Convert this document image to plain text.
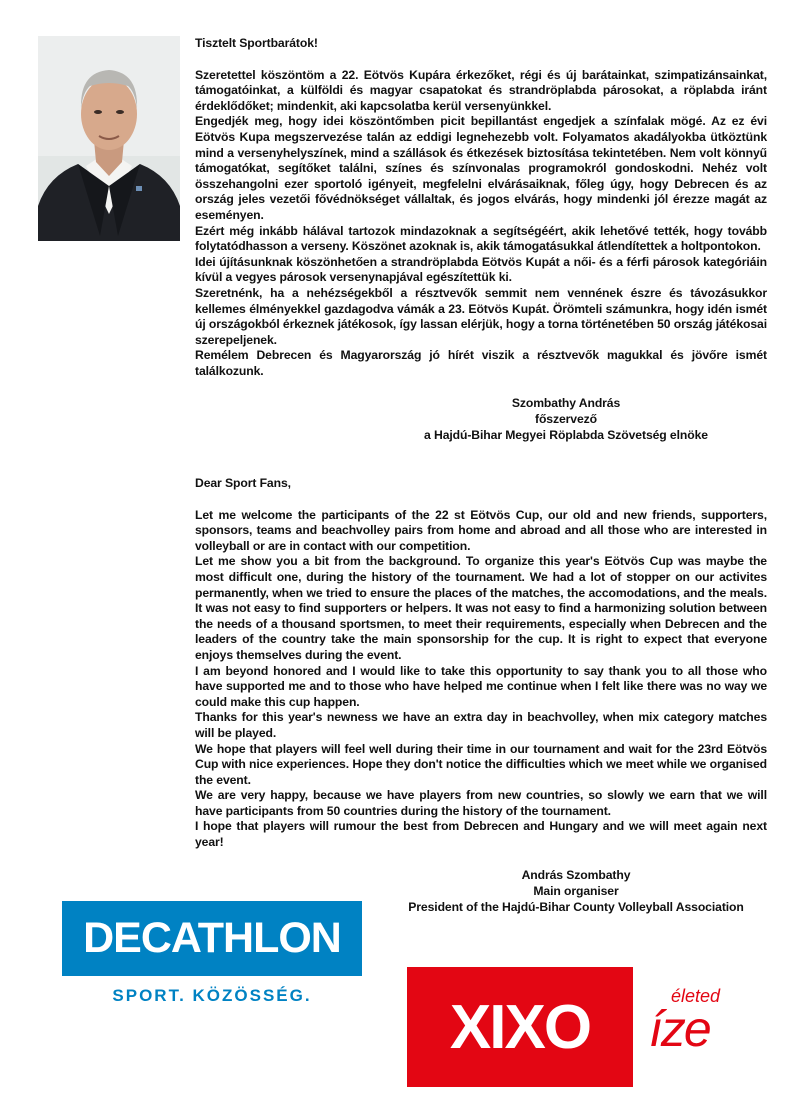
Tisztelt Sportbarátok!

Szeretettel köszöntöm a 22. Eötvös Kupára érkezőket, régi és új barátainkat, szimpatizánsainkat, támogatóinkat, a külföldi és magyar csapatokat és strandröplabda párosokat, a röplabda iránt érdeklődőket; mindenkit, aki kapcsolatba kerül versenyünkkel.

Engedjék meg, hogy idei köszöntőmben picit bepillantást engedjek a színfalak mögé. Az ez évi Eötvös Kupa megszervezése talán az eddigi legnehezebb volt. Folyamatos akadályokba ütköztünk mind a versenyhelyszínek, mind a szállások és étkezések biztosítása tekintetében. Nem volt könnyű támogatókat, segítőket találni, színes és színvonalas programokról gondoskodni. Nehéz volt összehangolni ezer sportoló igényeit, megfelelni elvárásaiknak, főleg úgy, hogy Debrecen és az ország jeles vezetői fővédnökséget vállaltak, és jogos elvárás, hogy mindenki jól érezze magát az eseményen.

Ezért még inkább hálával tartozok mindazoknak a segítségéért, akik lehetővé tették, hogy tovább folytatódhasson a verseny. Köszönet azoknak is, akik támogatásukkal átlendítettek a holtpontokon.

Idei újításunknak köszönhetően a strandröplabda Eötvös Kupát a női- és a férfi párosok kategóriáin kívül a vegyes párosok versenynapjával egészítettük ki.

Szeretnénk, ha a nehézségekből a résztvevők semmit nem vennének észre és távozásukkor kellemes élményekkel gazdagodva vámák a 23. Eötvös Kupát. Örömteli számunkra, hogy idén ismét új országokból érkeznek játékosok, így lassan elérjük, hogy a torna történetében 50 ország játékosai szerepeljenek.

Remélem Debrecen és Magyarország jó hírét viszik a résztvevők magukkal és jövőre ismét találkozunk.

Szombathy András
főszervező
a Hajdú-Bihar Megyei Röplabda Szövetség elnöke
Dear Sport Fans,

Let me welcome the participants of the 22 st Eötvös Cup, our old and new friends, supporters, sponsors, teams and beachvolley pairs from home and abroad and all those who are interested in volleyball or are in contact with our competition.

Let me show you a bit from the background. To organize this year's Eötvös Cup was maybe the most difficult one, during the history of the tournament. We had a lot of stopper on our activites permanently, when we tried to ensure the places of the matches, the accomodations, and the meals. It was not easy to find supporters or helpers. It was not easy to find a harmonizing solution between the needs of a thousand sportsmen, to meet their requirements, especially when Debrecen and the leaders of the country take the main sponsorship for the cup. It is right to expect that everyone enjoys themselves during the event.

I am beyond honored and I would like to take this opportunity to say thank you to all those who have supported me and to those who have helped me continue when I felt like there was no way we could make this cup happen.

Thanks for this year's newness we have an extra day in beachvolley, when mix category matches will be played.

We hope that players will feel well during their time in our tournament and wait for the 23rd Eötvös Cup with nice experiences. Hope they don't notice the difficulties which we meet while we organised the event.

We are very happy, because we have players from new countries, so slowly we earn that we will have participants from 50 countries during the history of the tournament.

I hope that players will rumour the best from Debrecen and Hungary and we will meet again next year!

András Szombathy
Main organiser
President of the Hajdú-Bihar County Volleyball Association
DECATHLON
SPORT. KÖZÖSSÉG.	XIXO	életed
íze
